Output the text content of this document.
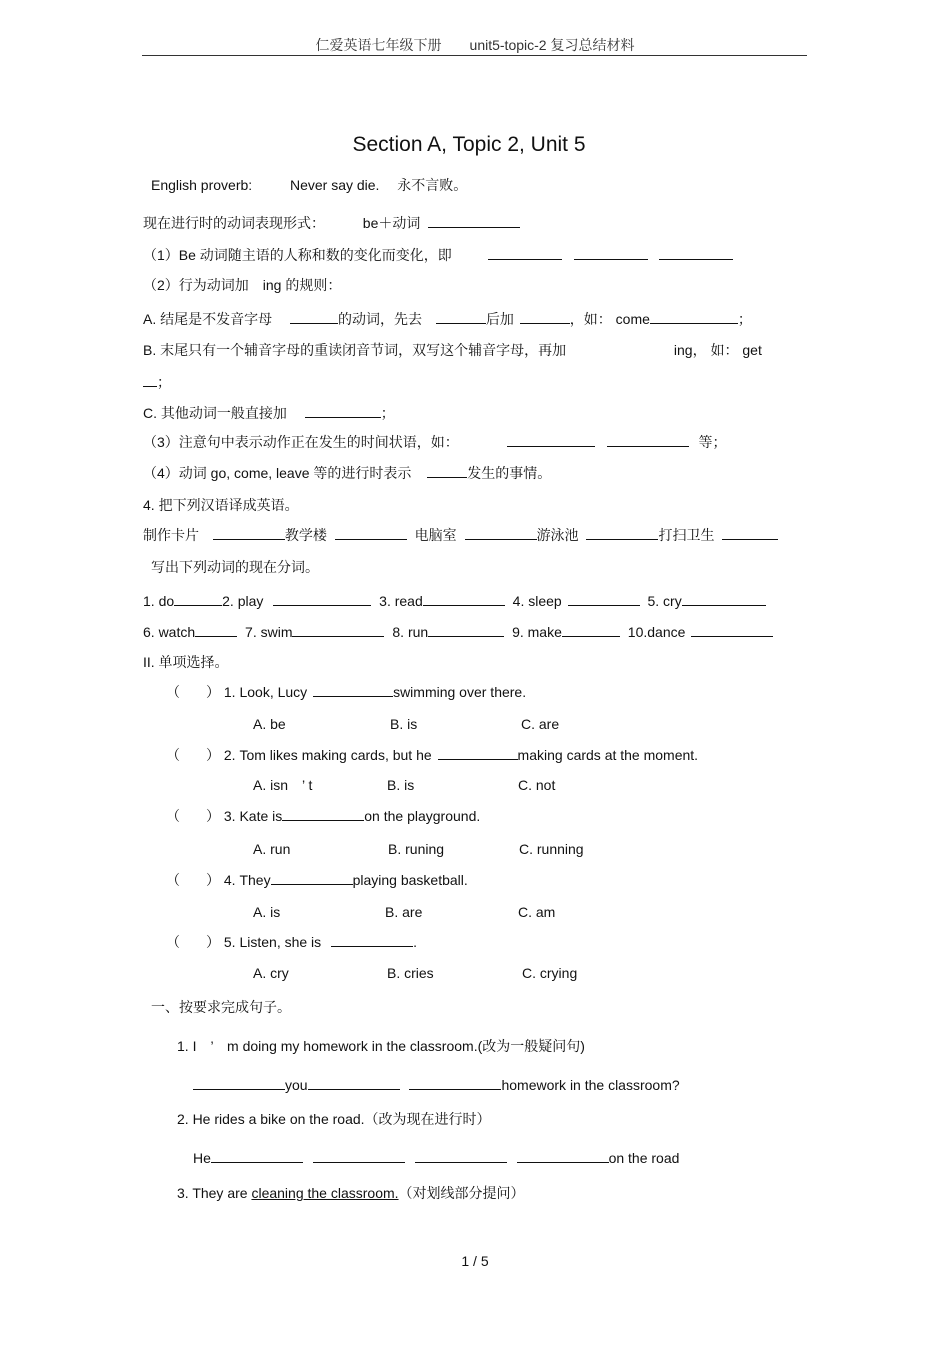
仁爱英语七年级下册　　unit5-topic-2 复习总结材料
Section A, Topic 2, Unit 5
English proverb:	Never say die. 永不言败。
现在进行时的动词表现形式：	be＋动词
（1）Be 动词随主语的人称和数的变化而变化，即
（2）行为动词加　ing 的规则：
A. 结尾是不发音字母	的动词，先去	后加	，如： come	；
B. 末尾只有一个辅音字母的重读闭音节词，双写这个辅音字母，再加	ing， 如： get
；
C. 其他动词一般直接加	；
（3）注意句中表示动作正在发生的时间状语，如：	等；
（4）动词 go, come, leave 等的进行时表示	发生的事情。
4. 把下列汉语译成英语。
制作卡片	教学楼	电脑室	游泳池	打扫卫生
写出下列动词的现在分词。
1. do	2. play	3. read	4. sleep	5. cry
6. watch	7. swim	8. run	9. make	10.dance
II. 单项选择。
（ ） 1. Look, Lucy	swimming over there.
A. be	B. is	C. are
（ ） 2. Tom likes making cards, but he	making cards at the moment.
A. isn　’ t	B. is	C. not
（ ） 3. Kate is	on the playground.
A. run	B. runing	C. running
（ ） 4. They	playing basketball.
A. is	B. are	C. am
（ ） 5. Listen, she is	.
A. cry	B. cries	C. crying
一、按要求完成句子。
1. I　’　m doing my homework in the classroom.(改为一般疑问句)
you	homework in the classroom?
2. He rides a bike on the road.（改为现在进行时）
He	on the road
3. They are cleaning the classroom.（对划线部分提问）
1 / 5
